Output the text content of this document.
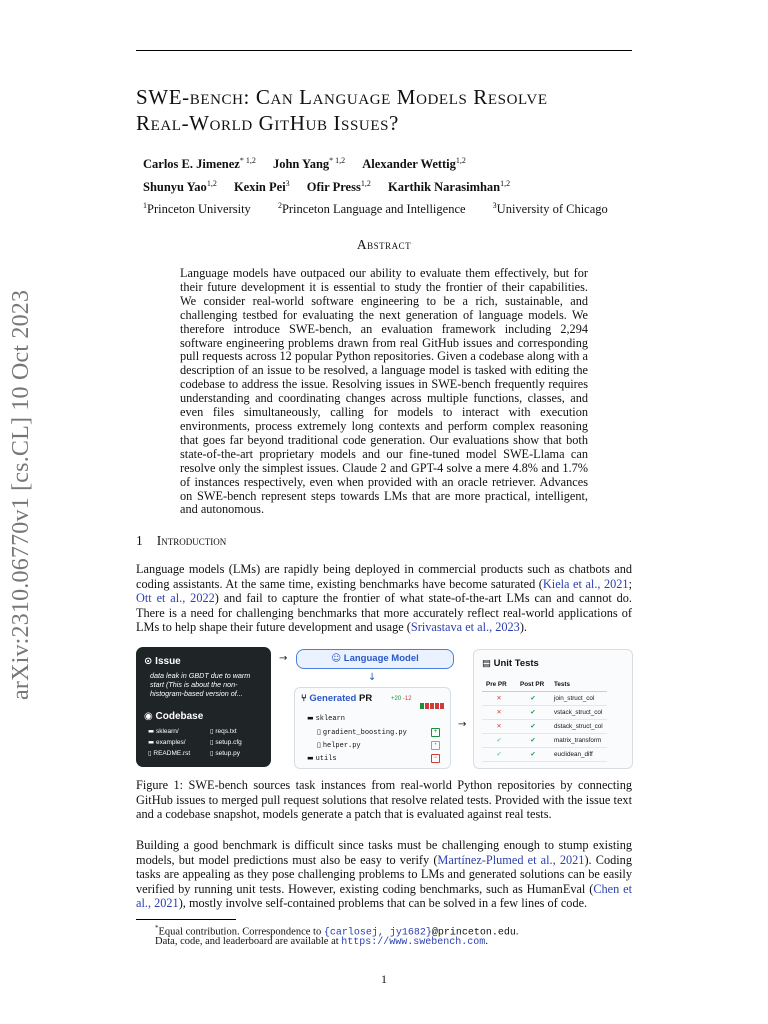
arXiv:2310.06770v1 [cs.CL] 10 Oct 2023
SWE-bench: Can Language Models Resolve
Real-World GitHub Issues?
Carlos E. Jimenez$^{* 1,2}$ John Yang$^{* 1,2}$ Alexander Wettig$^{1,2}$
Shunyu Yao$^{1,2}$ Kexin Pei$^3$ Ofir Press$^{1,2}$ Karthik Narasimhan$^{1,2}$
$^1$Princeton University	$^2$Princeton Language and Intelligence	$^3$University of Chicago
Abstract
Language models have outpaced our ability to evaluate them effectively, but for their future development it is essential to study the frontier of their capabilities. We consider real-world software engineering to be a rich, sustainable, and challenging testbed for evaluating the next generation of language models. We therefore introduce SWE-bench, an evaluation framework including 2,294 software engineering problems drawn from real GitHub issues and corresponding pull requests across 12 popular Python repositories. Given a codebase along with a description of an issue to be resolved, a language model is tasked with editing the codebase to address the issue. Resolving issues in SWE-bench frequently requires understanding and coordinating changes across multiple functions, classes, and even files simultaneously, calling for models to interact with execution environments, process extremely long contexts and perform complex reasoning that goes far beyond traditional code generation. Our evaluations show that both state-of-the-art proprietary models and our fine-tuned model SWE-Llama can resolve only the simplest issues. Claude 2 and GPT-4 solve a mere 4.8% and 1.7% of instances respectively, even when provided with an oracle retriever. Advances on SWE-bench represent steps towards LMs that are more practical, intelligent, and autonomous.
1 Introduction
Language models (LMs) are rapidly being deployed in commercial products such as chatbots and coding assistants. At the same time, existing benchmarks have become saturated (Kiela et al., 2021; Ott et al., 2022) and fail to capture the frontier of what state-of-the-art LMs can and cannot do. There is a need for challenging benchmarks that more accurately reflect real-world applications of LMs to help shape their future development and usage (Srivastava et al., 2023).
⊙ Issue
data leak in GBDT due to warm start (This is about the non-histogram-based version of...
◉ Codebase
▬ sklearn/	▯ reqs.txt
▬ examples/	▯ setup.cfg
▯ README.rst	▯ setup.py
→	☺ Language Model
↓
⑂ Generated PR	+20 -12
▬ sklearn
▯ gradient_boosting.py
▯ helper.py
▬ utils
+
•
−
→
▤ Unit Tests
Pre PR	Post PR	Tests
✕	✔	join_struct_col
✕	✔	vstack_struct_col
✕	✔	dstack_struct_col
✔	✔	matrix_transform
✔	✔	euclidean_diff
Figure 1: SWE-bench sources task instances from real-world Python repositories by connecting GitHub issues to merged pull request solutions that resolve related tests. Provided with the issue text and a codebase snapshot, models generate a patch that is evaluated against real tests.
Building a good benchmark is difficult since tasks must be challenging enough to stump existing models, but model predictions must also be easy to verify (Martínez-Plumed et al., 2021). Coding tasks are appealing as they pose challenging problems to LMs and generated solutions can be easily verified by running unit tests. However, existing coding benchmarks, such as HumanEval (Chen et al., 2021), mostly involve self-contained problems that can be solved in a few lines of code.
*Equal contribution. Correspondence to {carlosej, jy1682}@princeton.edu.
Data, code, and leaderboard are available at https://www.swebench.com.
1
